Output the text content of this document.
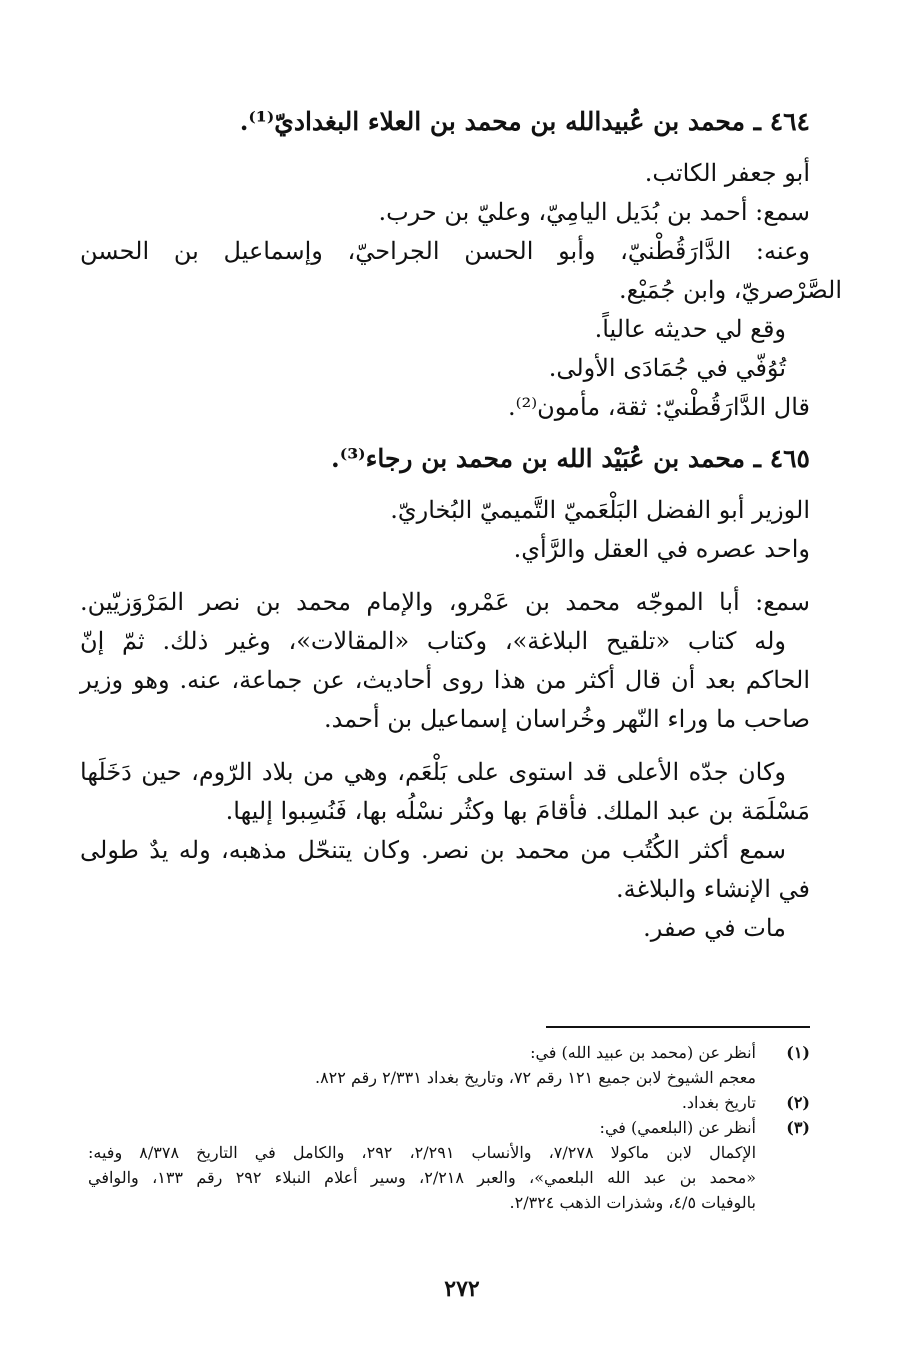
٤٦٤ ـ محمد بن عُبيدالله بن محمد بن العلاء البغداديّ⁽¹⁾.

أبو جعفر الكاتب.

سمع: أحمد بن بُدَيل اليامِيّ، وعليّ بن حرب.

وعنه: الدَّارَقُطْنيّ، وأبو الحسن الجراحيّ، وإسماعيل بن الحسن

الصَّرْصريّ، وابن جُمَيْع.

وقع لي حديثه عالياً.

تُوُفّي في جُمَادَى الأولى.

قال الدَّارَقُطْنيّ: ثقة، مأمون⁽²⁾.

٤٦٥ ـ محمد بن عُبَيْد الله بن محمد بن رجاء⁽³⁾.

الوزير أبو الفضل البَلْعَميّ التَّميميّ البُخاريّ.

واحد عصره في العقل والرَّأي.

سمع: أبا الموجّه محمد بن عَمْرو، والإمام محمد بن نصر المَرْوَزيّين.

وله كتاب «تلقيح البلاغة»، وكتاب «المقالات»، وغير ذلك. ثمّ إنّ

الحاكم بعد أن قال أكثر من هذا روى أحاديث، عن جماعة، عنه. وهو وزير

صاحب ما وراء النّهر وخُراسان إسماعيل بن أحمد.

وكان جدّه الأعلى قد استوى على بَلْعَم، وهي من بلاد الرّوم، حين دَخَلَها

مَسْلَمَة بن عبد الملك. فأقامَ بها وكثُر نسْلُه بها، فَنُسِبوا إليها.

سمع أكثر الكُتُب من محمد بن نصر. وكان يتنحّل مذهبه، وله يدٌ طولى

في الإنشاء والبلاغة.

مات في صفر.

(١)

أنظر عن (محمد بن عبيد الله) في:

معجم الشيوخ لابن جميع ١٢١ رقم ٧٢، وتاريخ بغداد ٢/٣٣١ رقم ٨٢٢.

(٢)

تاريخ بغداد.

(٣)

أنظر عن (البلعمي) في:

الإكمال لابن ماكولا ٧/٢٧٨، والأنساب ٢/٢٩١، ٢٩٢، والكامل في التاريخ ٨/٣٧٨ وفيه:

«محمد بن عبد الله البلعمي»، والعبر ٢/٢١٨، وسير أعلام النبلاء ٢٩٢ رقم ١٣٣، والوافي

بالوفيات ٤/٥، وشذرات الذهب ٢/٣٢٤.

٢٧٢
